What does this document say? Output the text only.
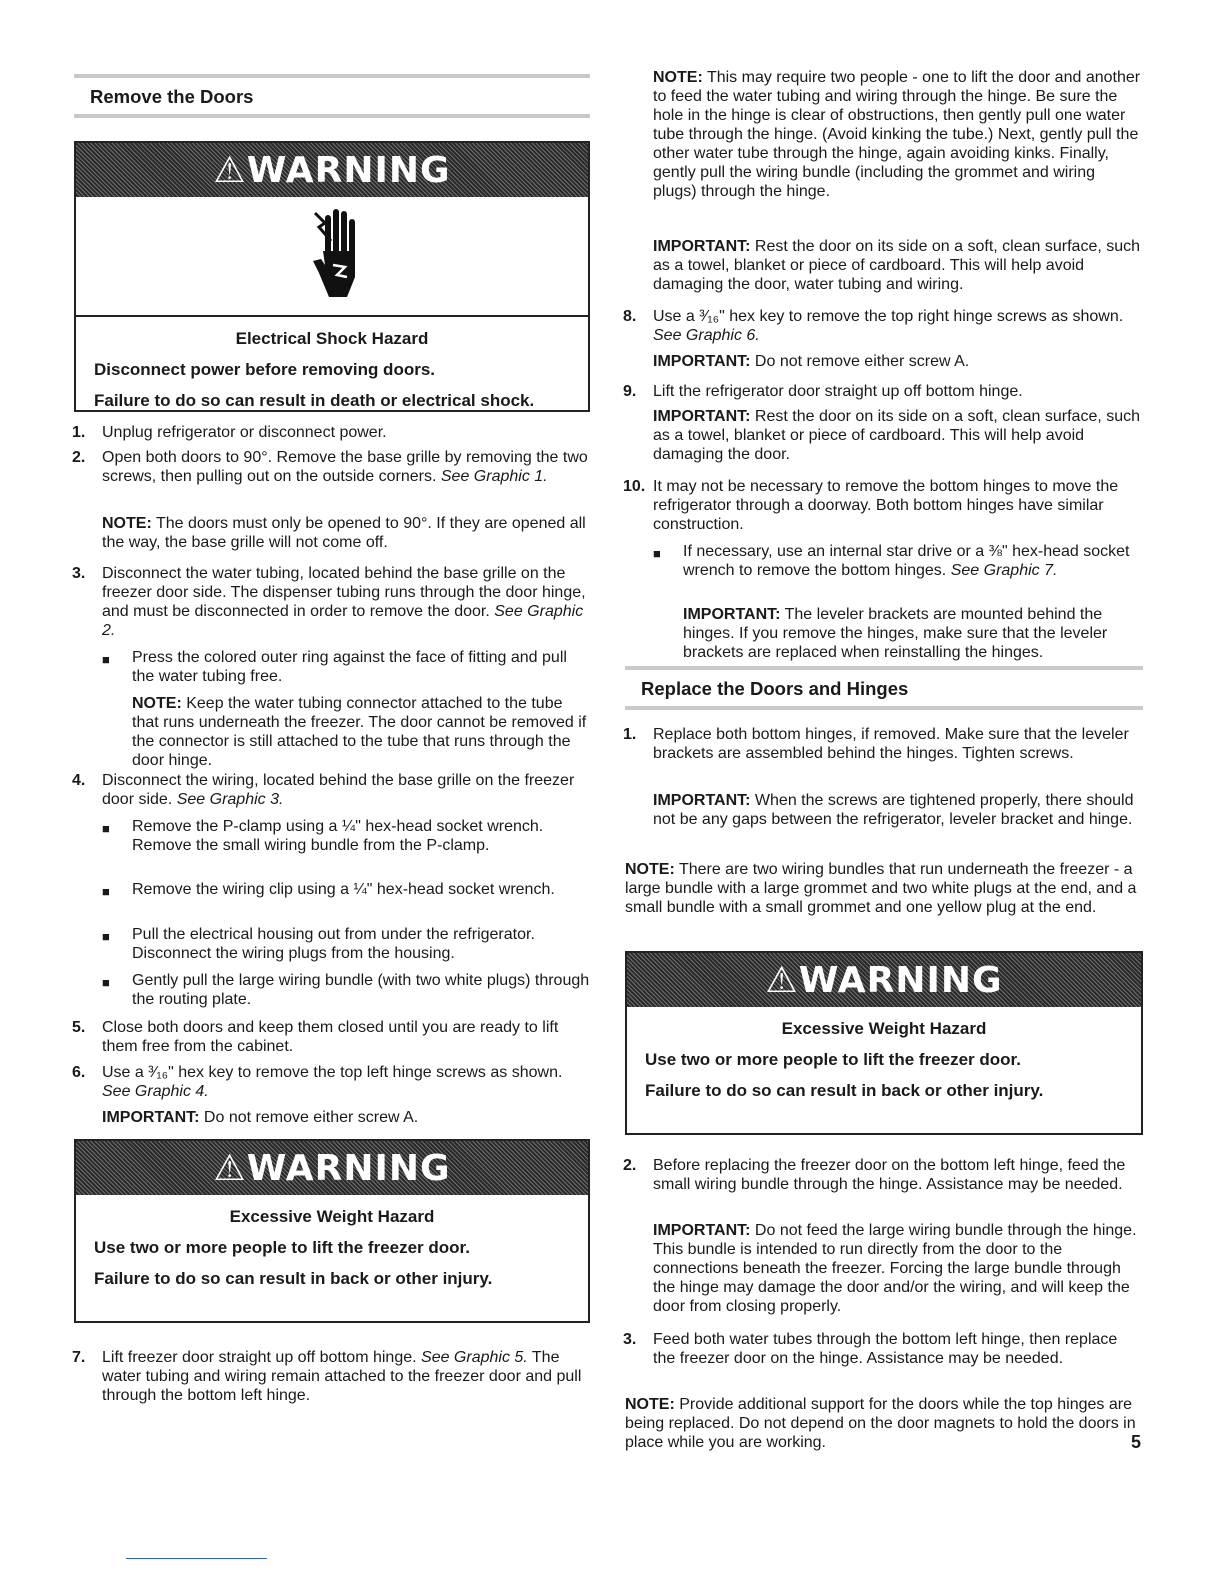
Remove the Doors
⚠WARNING
Electrical Shock Hazard
Disconnect power before removing doors.
Failure to do so can result in death or electrical shock.
1. Unplug refrigerator or disconnect power.
2. Open both doors to 90°. Remove the base grille by removing the two screws, then pulling out on the outside corners. See Graphic 1.
NOTE: The doors must only be opened to 90°. If they are opened all the way, the base grille will not come off.
3. Disconnect the water tubing, located behind the base grille on the freezer door side. The dispenser tubing runs through the door hinge, and must be disconnected in order to remove the door. See Graphic 2.
■ Press the colored outer ring against the face of fitting and pull the water tubing free.
NOTE: Keep the water tubing connector attached to the tube that runs underneath the freezer. The door cannot be removed if the connector is still attached to the tube that runs through the door hinge.
4. Disconnect the wiring, located behind the base grille on the freezer door side. See Graphic 3.
■ Remove the P-clamp using a ¼" hex-head socket wrench. Remove the small wiring bundle from the P-clamp.
■ Remove the wiring clip using a ¼" hex-head socket wrench.
■ Pull the electrical housing out from under the refrigerator. Disconnect the wiring plugs from the housing.
■ Gently pull the large wiring bundle (with two white plugs) through the routing plate.
5. Close both doors and keep them closed until you are ready to lift them free from the cabinet.
6. Use a ³⁄₁₆" hex key to remove the top left hinge screws as shown. See Graphic 4.
IMPORTANT: Do not remove either screw A.
⚠WARNING
Excessive Weight Hazard
Use two or more people to lift the freezer door.
Failure to do so can result in back or other injury.
7. Lift freezer door straight up off bottom hinge. See Graphic 5. The water tubing and wiring remain attached to the freezer door and pull through the bottom left hinge.
NOTE: This may require two people - one to lift the door and another to feed the water tubing and wiring through the hinge. Be sure the hole in the hinge is clear of obstructions, then gently pull one water tube through the hinge. (Avoid kinking the tube.) Next, gently pull the other water tube through the hinge, again avoiding kinks. Finally, gently pull the wiring bundle (including the grommet and wiring plugs) through the hinge.
IMPORTANT: Rest the door on its side on a soft, clean surface, such as a towel, blanket or piece of cardboard. This will help avoid damaging the door, water tubing and wiring.
8. Use a ³⁄₁₆" hex key to remove the top right hinge screws as shown. See Graphic 6.
IMPORTANT: Do not remove either screw A.
9. Lift the refrigerator door straight up off bottom hinge.
IMPORTANT: Rest the door on its side on a soft, clean surface, such as a towel, blanket or piece of cardboard. This will help avoid damaging the door.
10. It may not be necessary to remove the bottom hinges to move the refrigerator through a doorway. Both bottom hinges have similar construction.
■ If necessary, use an internal star drive or a ⅜" hex-head socket wrench to remove the bottom hinges. See Graphic 7.
IMPORTANT: The leveler brackets are mounted behind the hinges. If you remove the hinges, make sure that the leveler brackets are replaced when reinstalling the hinges.
Replace the Doors and Hinges
1. Replace both bottom hinges, if removed. Make sure that the leveler brackets are assembled behind the hinges. Tighten screws.
IMPORTANT: When the screws are tightened properly, there should not be any gaps between the refrigerator, leveler bracket and hinge.
NOTE: There are two wiring bundles that run underneath the freezer - a large bundle with a large grommet and two white plugs at the end, and a small bundle with a small grommet and one yellow plug at the end.
⚠WARNING
Excessive Weight Hazard
Use two or more people to lift the freezer door.
Failure to do so can result in back or other injury.
2. Before replacing the freezer door on the bottom left hinge, feed the small wiring bundle through the hinge. Assistance may be needed.
IMPORTANT: Do not feed the large wiring bundle through the hinge. This bundle is intended to run directly from the door to the connections beneath the freezer. Forcing the large bundle through the hinge may damage the door and/or the wiring, and will keep the door from closing properly.
3. Feed both water tubes through the bottom left hinge, then replace the freezer door on the hinge. Assistance may be needed.
NOTE: Provide additional support for the doors while the top hinges are being replaced. Do not depend on the door magnets to hold the doors in place while you are working.	5
